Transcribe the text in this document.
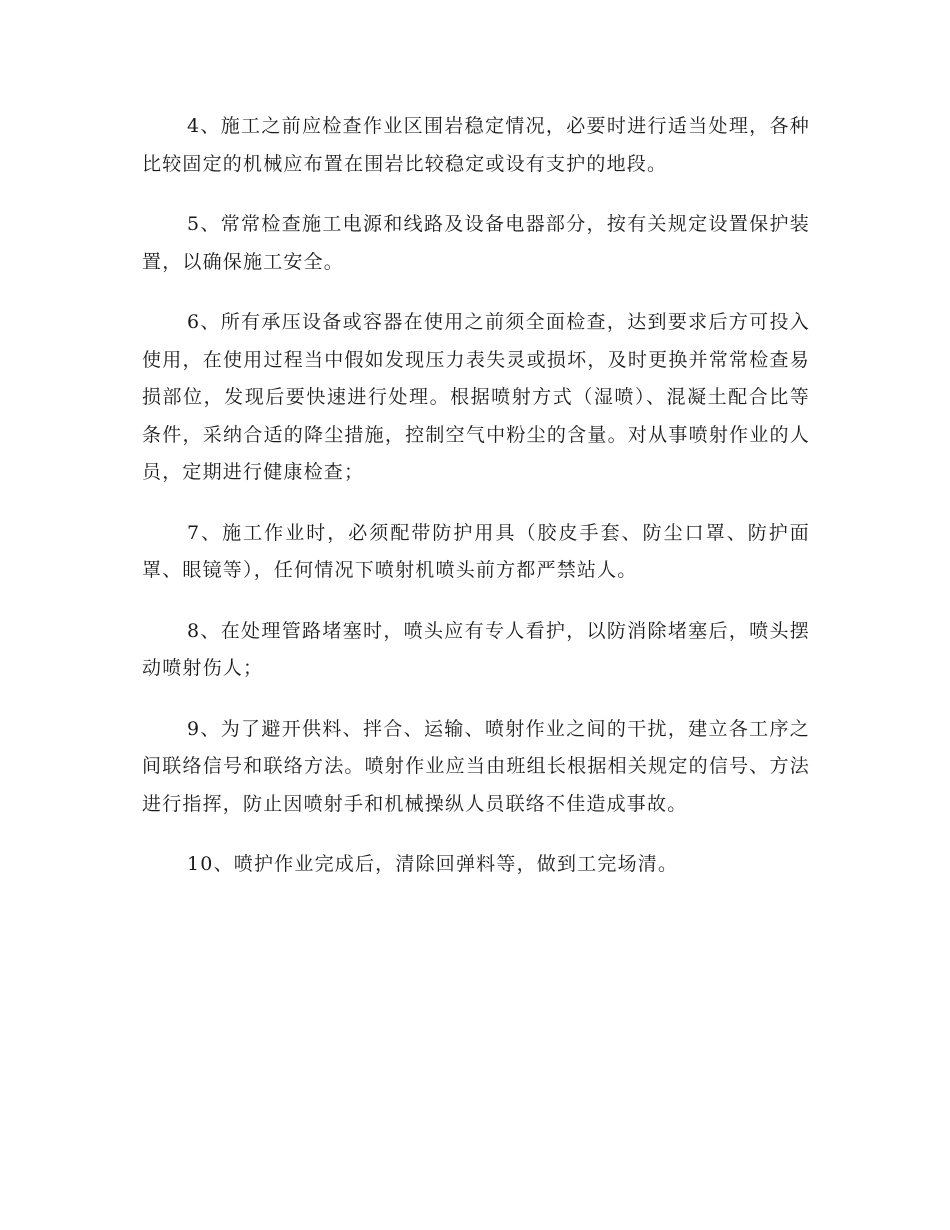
4、施工之前应检查作业区围岩稳定情况，必要时进行适当处理，各种比较固定的机械应布置在围岩比较稳定或设有支护的地段。

5、常常检查施工电源和线路及设备电器部分，按有关规定设置保护装置，以确保施工安全。

6、所有承压设备或容器在使用之前须全面检查，达到要求后方可投入使用，在使用过程当中假如发现压力表失灵或损坏，及时更换并常常检查易损部位，发现后要快速进行处理。根据喷射方式（湿喷）、混凝土配合比等条件，采纳合适的降尘措施，控制空气中粉尘的含量。对从事喷射作业的人员，定期进行健康检查；

7、施工作业时，必须配带防护用具（胶皮手套、防尘口罩、防护面罩、眼镜等），任何情况下喷射机喷头前方都严禁站人。

8、在处理管路堵塞时，喷头应有专人看护，以防消除堵塞后，喷头摆动喷射伤人；

9、为了避开供料、拌合、运输、喷射作业之间的干扰，建立各工序之间联络信号和联络方法。喷射作业应当由班组长根据相关规定的信号、方法进行指挥，防止因喷射手和机械操纵人员联络不佳造成事故。

10、喷护作业完成后，清除回弹料等，做到工完场清。
